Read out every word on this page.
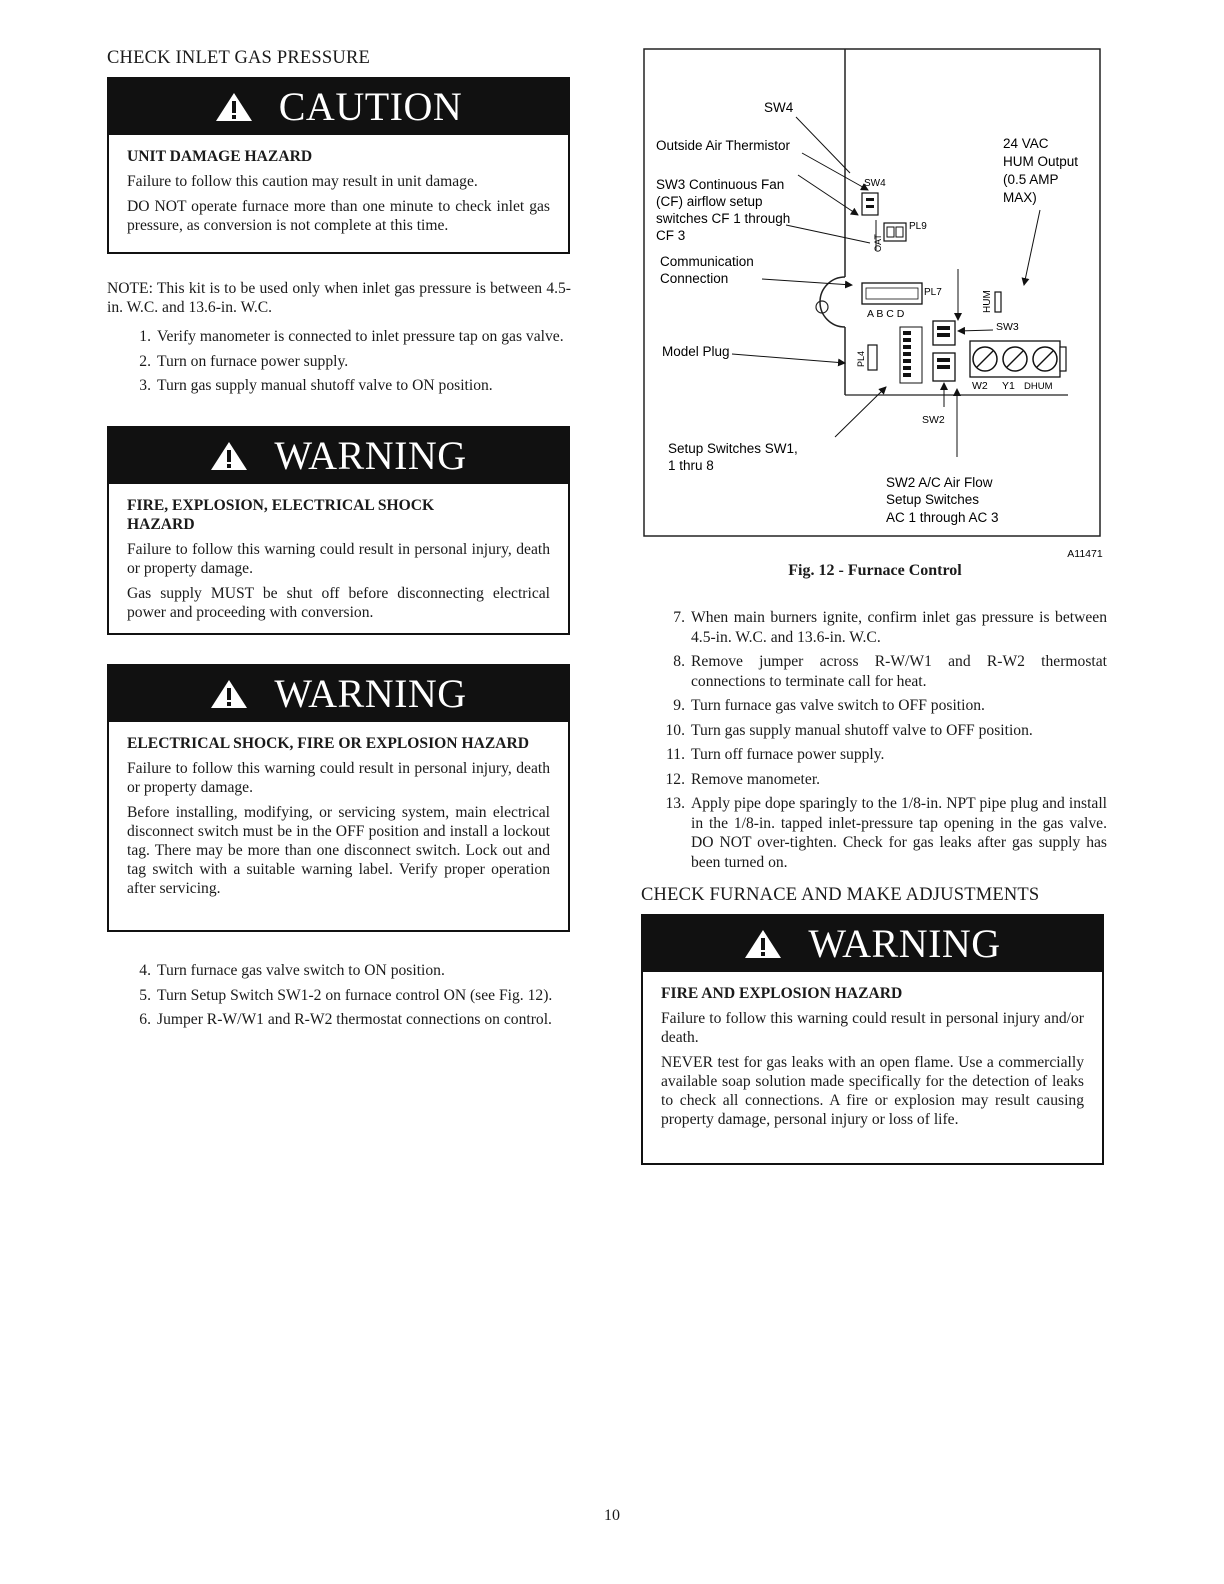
CHECK INLET GAS PRESSURE
CAUTION
UNIT DAMAGE HAZARD
Failure to follow this caution may result in unit damage.
DO NOT operate furnace more than one minute to check inlet gas pressure, as conversion is not complete at this time.
NOTE: This kit is to be used only when inlet gas pressure is between 4.5-in. W.C. and 13.6-in. W.C.
1. Verify manometer is connected to inlet pressure tap on gas valve.
2. Turn on furnace power supply.
3. Turn gas supply manual shutoff valve to ON position.
WARNING
FIRE, EXPLOSION, ELECTRICAL SHOCK HAZARD
Failure to follow this warning could result in personal injury, death or property damage.
Gas supply MUST be shut off before disconnecting electrical power and proceeding with conversion.
WARNING
ELECTRICAL SHOCK, FIRE OR EXPLOSION HAZARD
Failure to follow this warning could result in personal injury, death or property damage.
Before installing, modifying, or servicing system, main electrical disconnect switch must be in the OFF position and install a lockout tag. There may be more than one disconnect switch. Lock out and tag switch with a suitable warning label. Verify proper operation after servicing.
4. Turn furnace gas valve switch to ON position.
5. Turn Setup Switch SW1-2 on furnace control ON (see Fig. 12).
6. Jumper R-W/W1 and R-W2 thermostat connections on control.
SW4
Outside Air Thermistor
SW3 Continuous Fan
(CF) airflow setup
switches CF 1 through
CF 3
Communication
Connection
Model Plug
Setup Switches SW1,
1 thru 8
SW2 A/C Air Flow
Setup Switches
AC 1 through AC 3
24 VAC
HUM Output
(0.5 AMP
MAX)
SW4
OAT
PL9
PL7
A B C D
PL4
SW3
SW2
HUM
W2 Y1 DHUM
A11471
Fig. 12 - Furnace Control
7. When main burners ignite, confirm inlet gas pressure is between 4.5-in. W.C. and 13.6-in. W.C.
8. Remove jumper across R-W/W1 and R-W2 thermostat connections to terminate call for heat.
9. Turn furnace gas valve switch to OFF position.
10. Turn gas supply manual shutoff valve to OFF position.
11. Turn off furnace power supply.
12. Remove manometer.
13. Apply pipe dope sparingly to the 1/8-in. NPT pipe plug and install in the 1/8-in. tapped inlet-pressure tap opening in the gas valve. DO NOT over-tighten. Check for gas leaks after gas supply has been turned on.
CHECK FURNACE AND MAKE ADJUSTMENTS
WARNING
FIRE AND EXPLOSION HAZARD
Failure to follow this warning could result in personal injury and/or death.
NEVER test for gas leaks with an open flame. Use a commercially available soap solution made specifically for the detection of leaks to check all connections. A fire or explosion may result causing property damage, personal injury or loss of life.
10
